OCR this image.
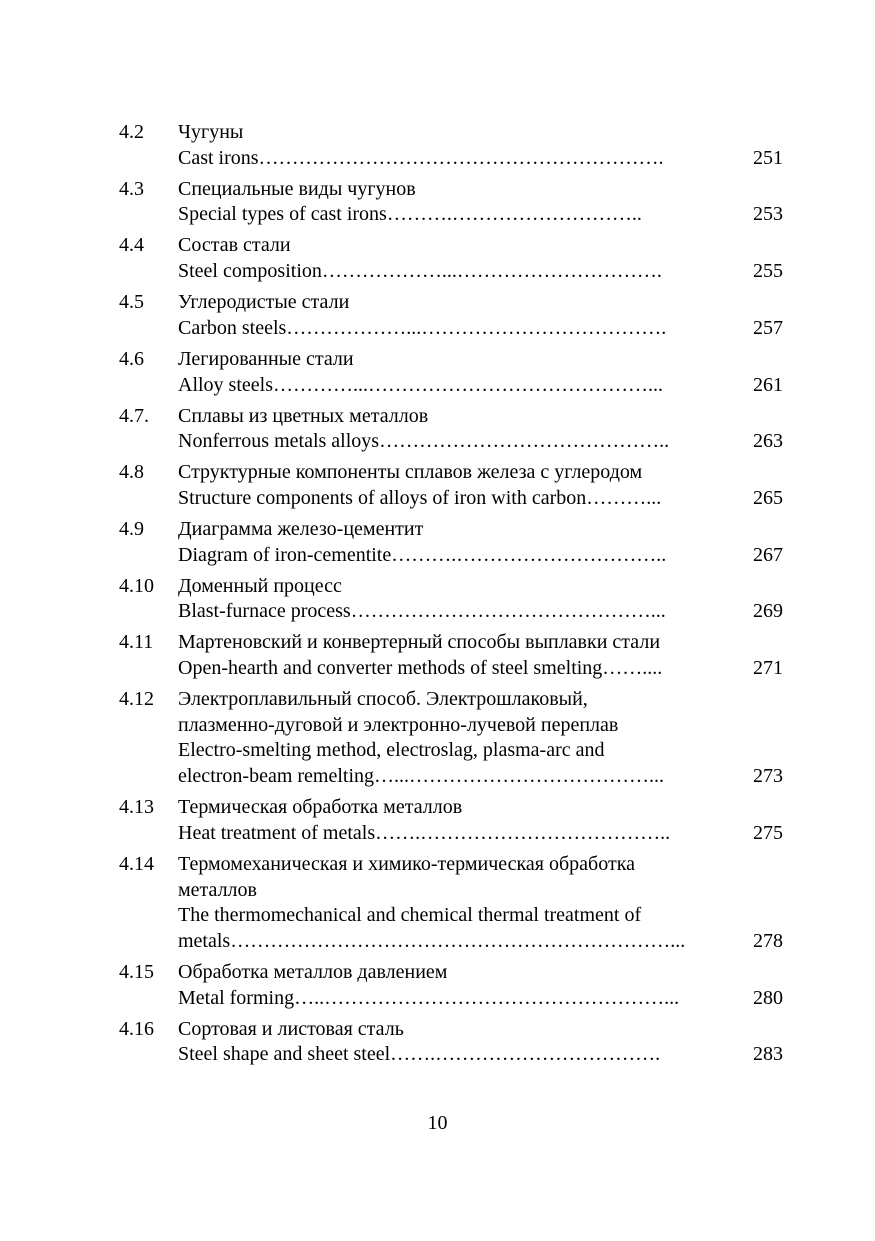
4.2	Чугуны
Cast irons…………………………………………………….	251
4.3	Специальные виды чугунов
Special types of cast irons……….………………………..	253
4.4	Состав стали
Steel composition………………...………………………….	255
4.5	Углеродистые стали
Carbon steels………………...……………………………….	257
4.6	Легированные стали
Alloy steels…………...……………………………………...	261
4.7.	Сплавы из цветных металлов
Nonferrous metals alloys……………………………………..	263
4.8	Структурные компоненты сплавов железа с углеродом
Structure components of alloys of iron with carbon………...	265
4.9	Диаграмма железо-цементит
Diagram of iron-cementite……….…………………………..	267
4.10	Доменный процесс
Blast-furnace process………………………………………...	269
4.11	Мартеновский и конвертерный способы выплавки стали
Open-hearth and converter methods of steel smelting……....	271
4.12	Электроплавильный способ. Электрошлаковый,
плазменно-дуговой и электронно-лучевой переплав
Electro-smelting method, electroslag, plasma-arc and
electron-beam remelting…...………………………………...	273
4.13	Термическая обработка металлов
Heat treatment of metals…….………………………………..	275
4.14	Термомеханическая и химико-термическая обработка
металлов
The thermomechanical and chemical thermal treatment of
metals…………………………………………………………...	278
4.15	Обработка металлов давлением
Metal forming…..……………………………………………...	280
4.16	Сортовая и листовая сталь
Steel shape and sheet steel…….…………………………….	283
10
